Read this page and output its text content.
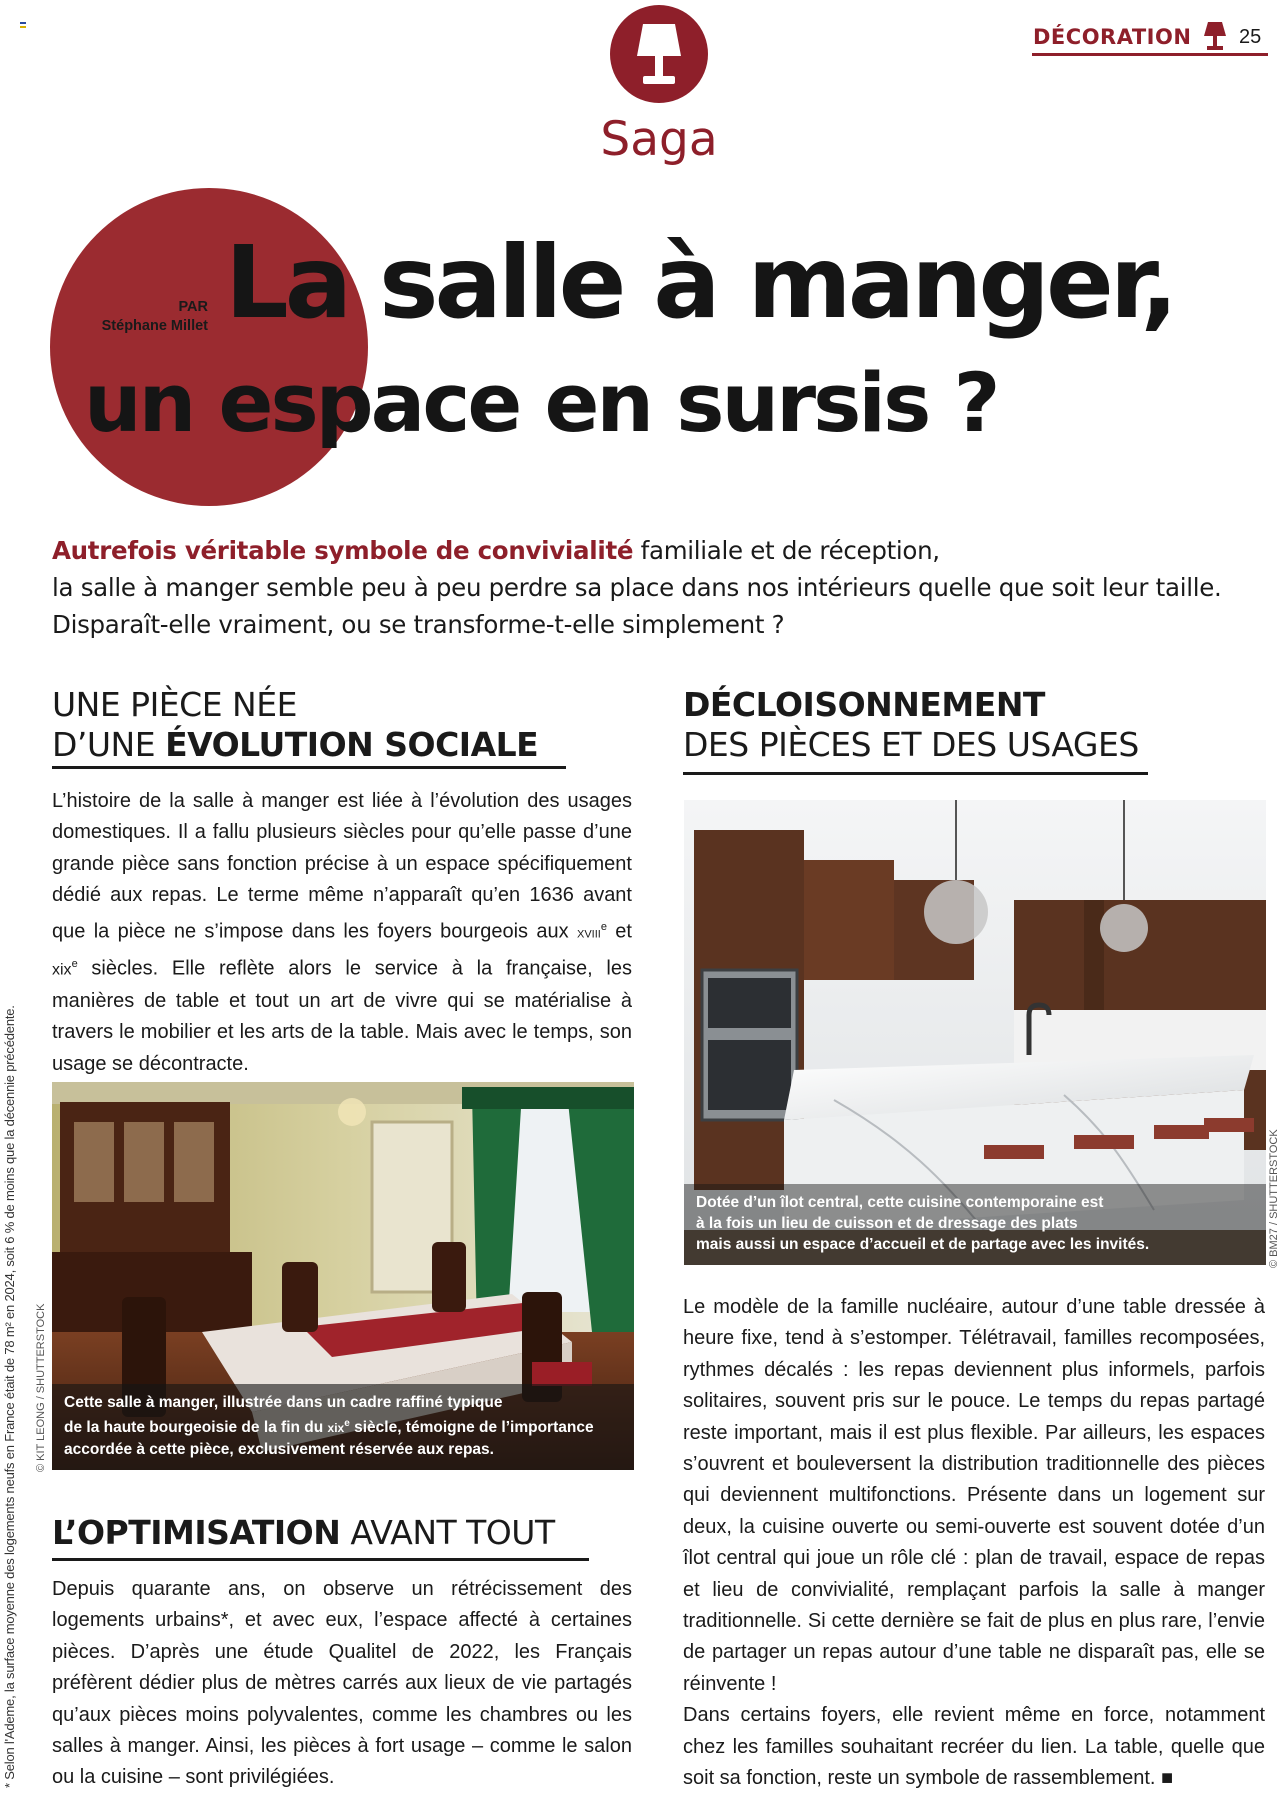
DÉCORATION 25
Saga
PAR
Stéphane Millet La salle à manger,
un espace en sursis ?
Autrefois véritable symbole de convivialité familiale et de réception,
la salle à manger semble peu à peu perdre sa place dans nos intérieurs quelle que soit leur taille.
Disparaît-elle vraiment, ou se transforme-t-elle simplement ?
* Selon l'Ademe, la surface moyenne des logements neufs en France était de 78 m² en 2024, soit 6 % de moins que la décennie précédente.
UNE PIÈCE NÉE
D’UNE ÉVOLUTION SOCIALE
L’histoire de la salle à manger est liée à l’évolution des usages domestiques. Il a fallu plusieurs siècles pour qu’elle passe d’une grande pièce sans fonction précise à un espace spécifiquement dédié aux repas. Le terme même n’apparaît qu’en 1636 avant que la pièce ne s’impose dans les foyers bourgeois aux xviii$^e$ et xix$^e$ siècles. Elle reflète alors le service à la française, les manières de table et tout un art de vivre qui se matérialise à travers le mobilier et les arts de la table. Mais avec le temps, son usage se décontracte.
Cette salle à manger, illustrée dans un cadre raffiné typique
de la haute bourgeoisie de la fin du xix$^e$ siècle, témoigne de l’importance
accordée à cette pièce, exclusivement réservée aux repas.
© KIT LEONG / SHUTTERSTOCK
L’OPTIMISATION AVANT TOUT
Depuis quarante ans, on observe un rétrécissement des logements urbains*, et avec eux, l’espace affecté à certaines pièces. D’après une étude Qualitel de 2022, les Français préfèrent dédier plus de mètres carrés aux lieux de vie partagés qu’aux pièces moins polyvalentes, comme les chambres ou les salles à manger. Ainsi, les pièces à fort usage – comme le salon ou la cuisine – sont privilégiées.
DÉCLOISONNEMENT
DES PIÈCES ET DES USAGES
Dotée d’un îlot central, cette cuisine contemporaine est
à la fois un lieu de cuisson et de dressage des plats
mais aussi un espace d’accueil et de partage avec les invités.	© BM27 / SHUTTERSTOCK
Le modèle de la famille nucléaire, autour d’une table dressée à heure fixe, tend à s’estomper. Télétravail, familles recomposées, rythmes décalés : les repas deviennent plus informels, parfois solitaires, souvent pris sur le pouce. Le temps du repas partagé reste important, mais il est plus flexible. Par ailleurs, les espaces s’ouvrent et bouleversent la distribution traditionnelle des pièces qui deviennent multifonctions. Présente dans un logement sur deux, la cuisine ouverte ou semi-ouverte est souvent dotée d’un îlot central qui joue un rôle clé : plan de travail, espace de repas et lieu de convivialité, remplaçant parfois la salle à manger traditionnelle. Si cette dernière se fait de plus en plus rare, l’envie de partager un repas autour d’une table ne disparaît pas, elle se réinvente !
Dans certains foyers, elle revient même en force, notamment chez les familles souhaitant recréer du lien. La table, quelle que soit sa fonction, reste un symbole de rassemblement. ■
